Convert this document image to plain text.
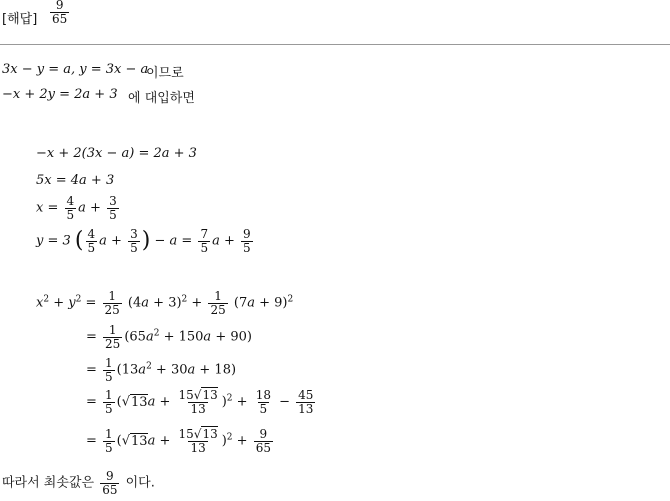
[해답] $\frac{9}{65}$
3x − y = a, y = 3x − a
이므로
−x + 2y = 2a + 3 에 대입하면
−x + 2(3x − a) = 2a + 3
5x = 4a + 3
$x = \frac{4}{5}$ $a + \frac{3}{5}$
y = 3 ( $\frac{4}{5}$ $a + \frac{3}{5}$ ) − $a = \frac{7}{5}$ $a + \frac{9}{5}$
$x^2 + y^2 = \frac{1}{25} (4a + 3)^2 + \frac{1}{25} (7a + 9)^2$
= $\frac{1}{25} (65a^2 + 150a + 90)$
= $\frac{1}{5} (13a^2 + 30a + 18)$
= $\frac{1}{5} (√13a + \frac{15√13}{13} )^2 + \frac{18}{5} - \frac{45}{13}$
= $\frac{1}{5} (√13a + \frac{15√13}{13} )^2 + \frac{9}{65}$
따라서 최솟값은 $\frac{9}{65}$ 이다.
